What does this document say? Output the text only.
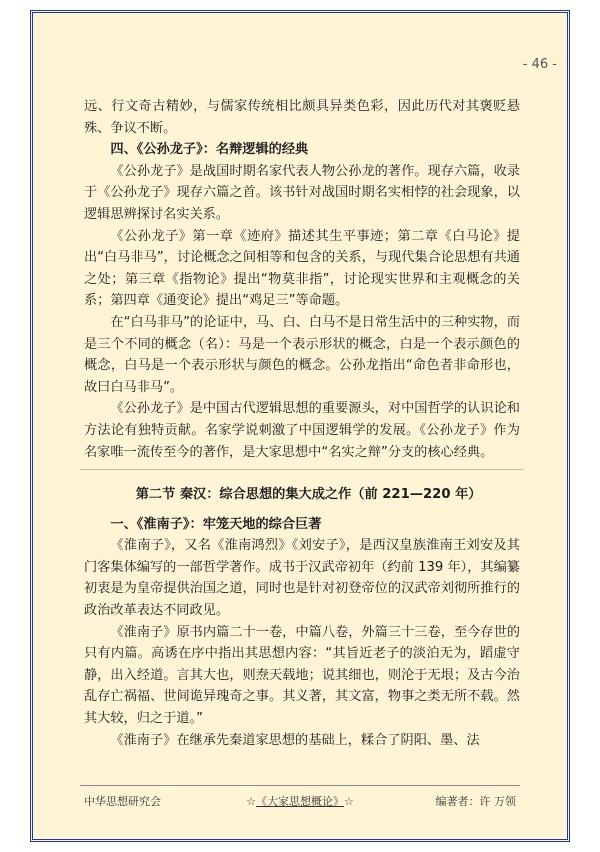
- 46 -

远、行文奇古精妙，与儒家传统相比颇具异类色彩，因此历代对其褒贬悬殊、争议不断。

四、《公孙龙子》：名辩逻辑的经典

《公孙龙子》是战国时期名家代表人物公孙龙的著作。现存六篇，收录于《公孙龙子》现存六篇之首。该书针对战国时期名实相悖的社会现象，以逻辑思辨探讨名实关系。

《公孙龙子》第一章《迹府》描述其生平事迹；第二章《白马论》提出“白马非马”，讨论概念之间相等和包含的关系，与现代集合论思想有共通之处；第三章《指物论》提出“物莫非指”，讨论现实世界和主观概念的关系；第四章《通变论》提出“鸡足三”等命题。

在“白马非马”的论证中，马、白、白马不是日常生活中的三种实物，而是三个不同的概念（名）：马是一个表示形状的概念，白是一个表示颜色的概念，白马是一个表示形状与颜色的概念。公孙龙指出“命色者非命形也，故曰白马非马”。

《公孙龙子》是中国古代逻辑思想的重要源头，对中国哲学的认识论和方法论有独特贡献。名家学说刺激了中国逻辑学的发展。《公孙龙子》作为名家唯一流传至今的著作，是大家思想中“名实之辩”分支的核心经典。

第二节 秦汉：综合思想的集大成之作（前 221—220 年）

一、《淮南子》：牢笼天地的综合巨著

《淮南子》，又名《淮南鸿烈》《刘安子》，是西汉皇族淮南王刘安及其门客集体编写的一部哲学著作。成书于汉武帝初年（约前 139 年），其编纂初衷是为皇帝提供治国之道，同时也是针对初登帝位的汉武帝刘彻所推行的政治改革表达不同政见。

《淮南子》原书内篇二十一卷，中篇八卷，外篇三十三卷，至今存世的只有内篇。高诱在序中指出其思想内容：“其旨近老子的淡泊无为，蹈虚守静，出入经道。言其大也，则焘天载地；说其细也，则沦于无垠；及古今治乱存亡祸福、世间诡异瑰奇之事。其义著，其文富，物事之类无所不载。然其大较，归之于道。”

《淮南子》在继承先秦道家思想的基础上，糅合了阴阳、墨、法

中华思想研究会	☆《大家思想概论》☆	编著者：许 万领
